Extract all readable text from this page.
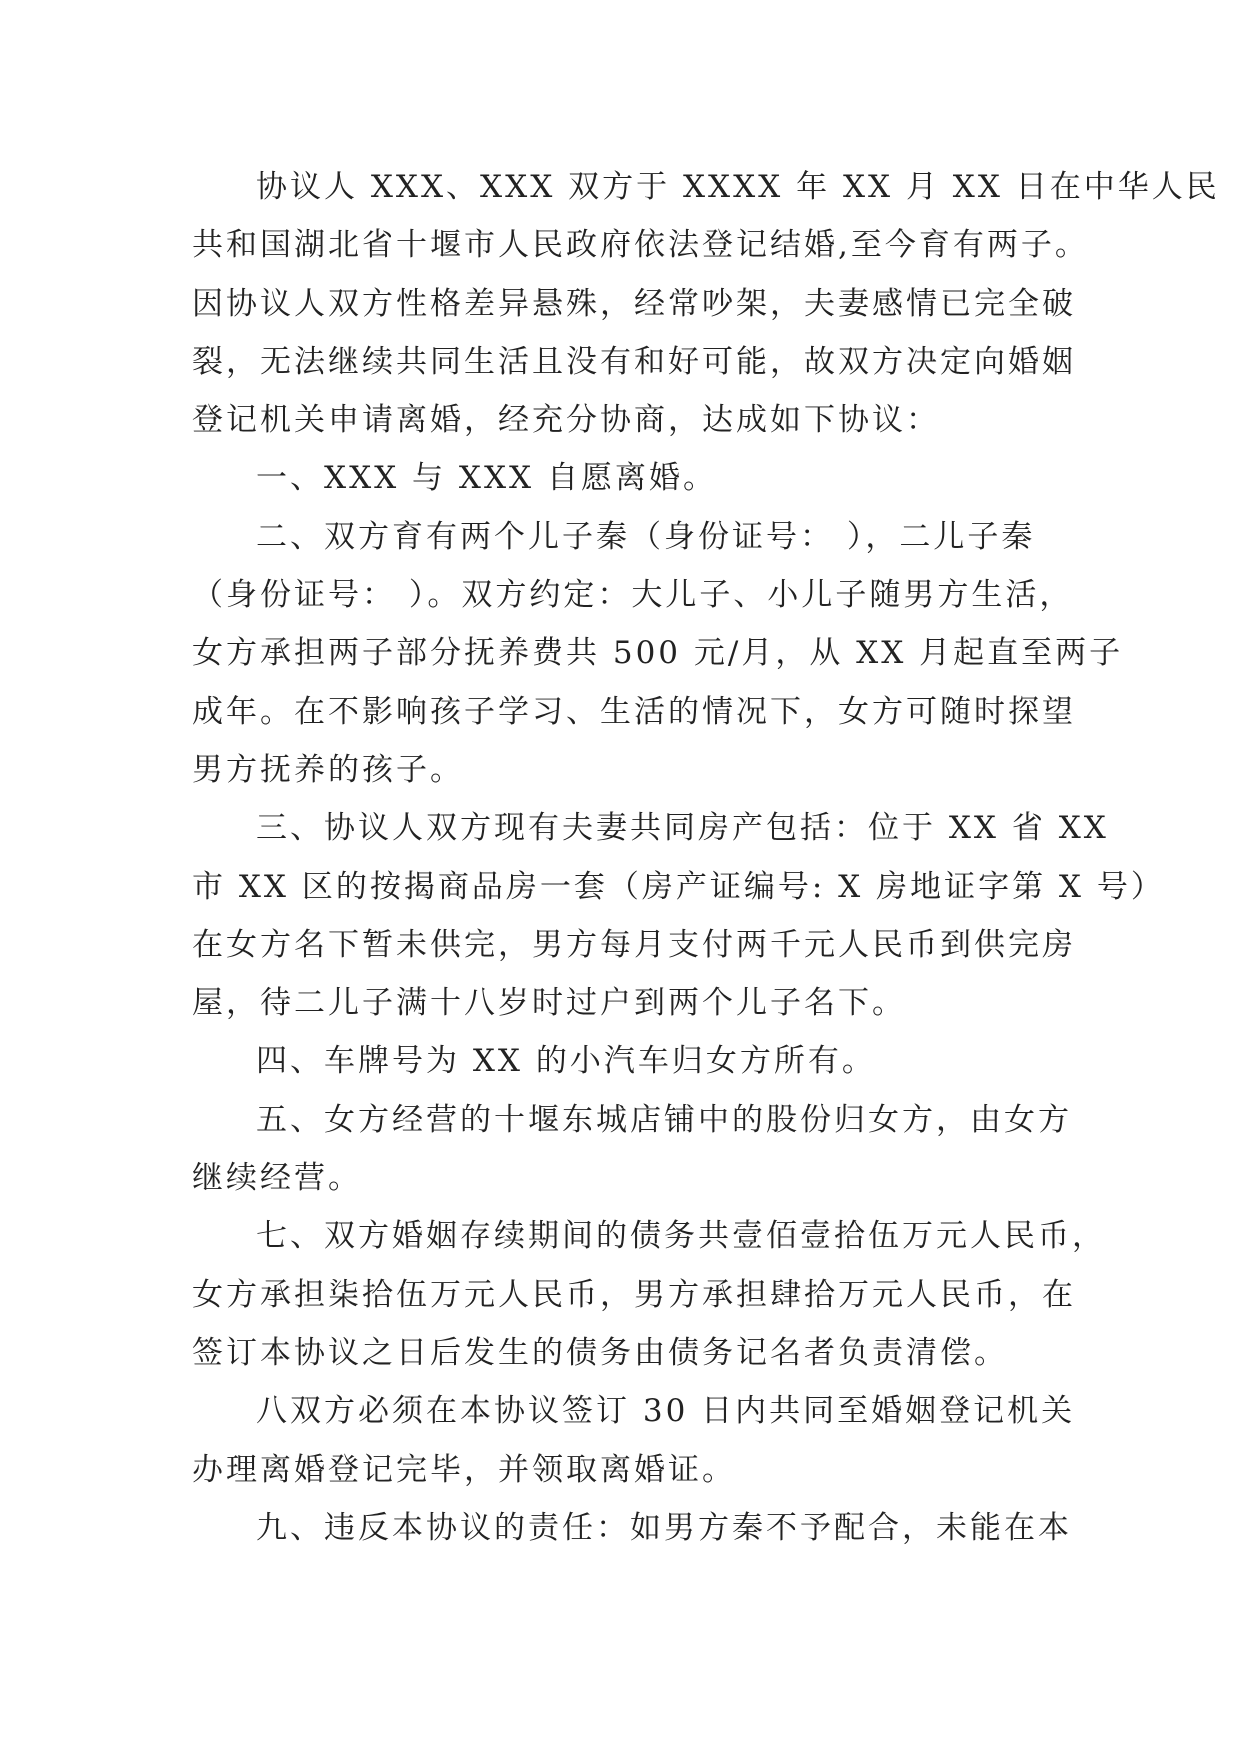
协议人 XXX、XXX 双方于 XXXX 年 XX 月 XX 日在中华人民
共和国湖北省十堰市人民政府依法登记结婚,至今育有两子。
因协议人双方性格差异悬殊，经常吵架，夫妻感情已完全破
裂，无法继续共同生活且没有和好可能，故双方决定向婚姻
登记机关申请离婚，经充分协商，达成如下协议：
一、XXX 与 XXX 自愿离婚。
二、双方育有两个儿子秦（身份证号： ），二儿子秦
（身份证号： ）。双方约定：大儿子、小儿子随男方生活，
女方承担两子部分抚养费共 500 元/月，从 XX 月起直至两子
成年。在不影响孩子学习、生活的情况下，女方可随时探望
男方抚养的孩子。
三、协议人双方现有夫妻共同房产包括：位于 XX 省 XX
市 XX 区的按揭商品房一套（房产证编号: X 房地证字第 X 号）
在女方名下暂未供完，男方每月支付两千元人民币到供完房
屋，待二儿子满十八岁时过户到两个儿子名下。
四、车牌号为 XX 的小汽车归女方所有。
五、女方经营的十堰东城店铺中的股份归女方，由女方
继续经营。
七、双方婚姻存续期间的债务共壹佰壹拾伍万元人民币，
女方承担柒拾伍万元人民币，男方承担肆拾万元人民币，在
签订本协议之日后发生的债务由债务记名者负责清偿。
八双方必须在本协议签订 30 日内共同至婚姻登记机关
办理离婚登记完毕，并领取离婚证。
九、违反本协议的责任：如男方秦不予配合，未能在本
